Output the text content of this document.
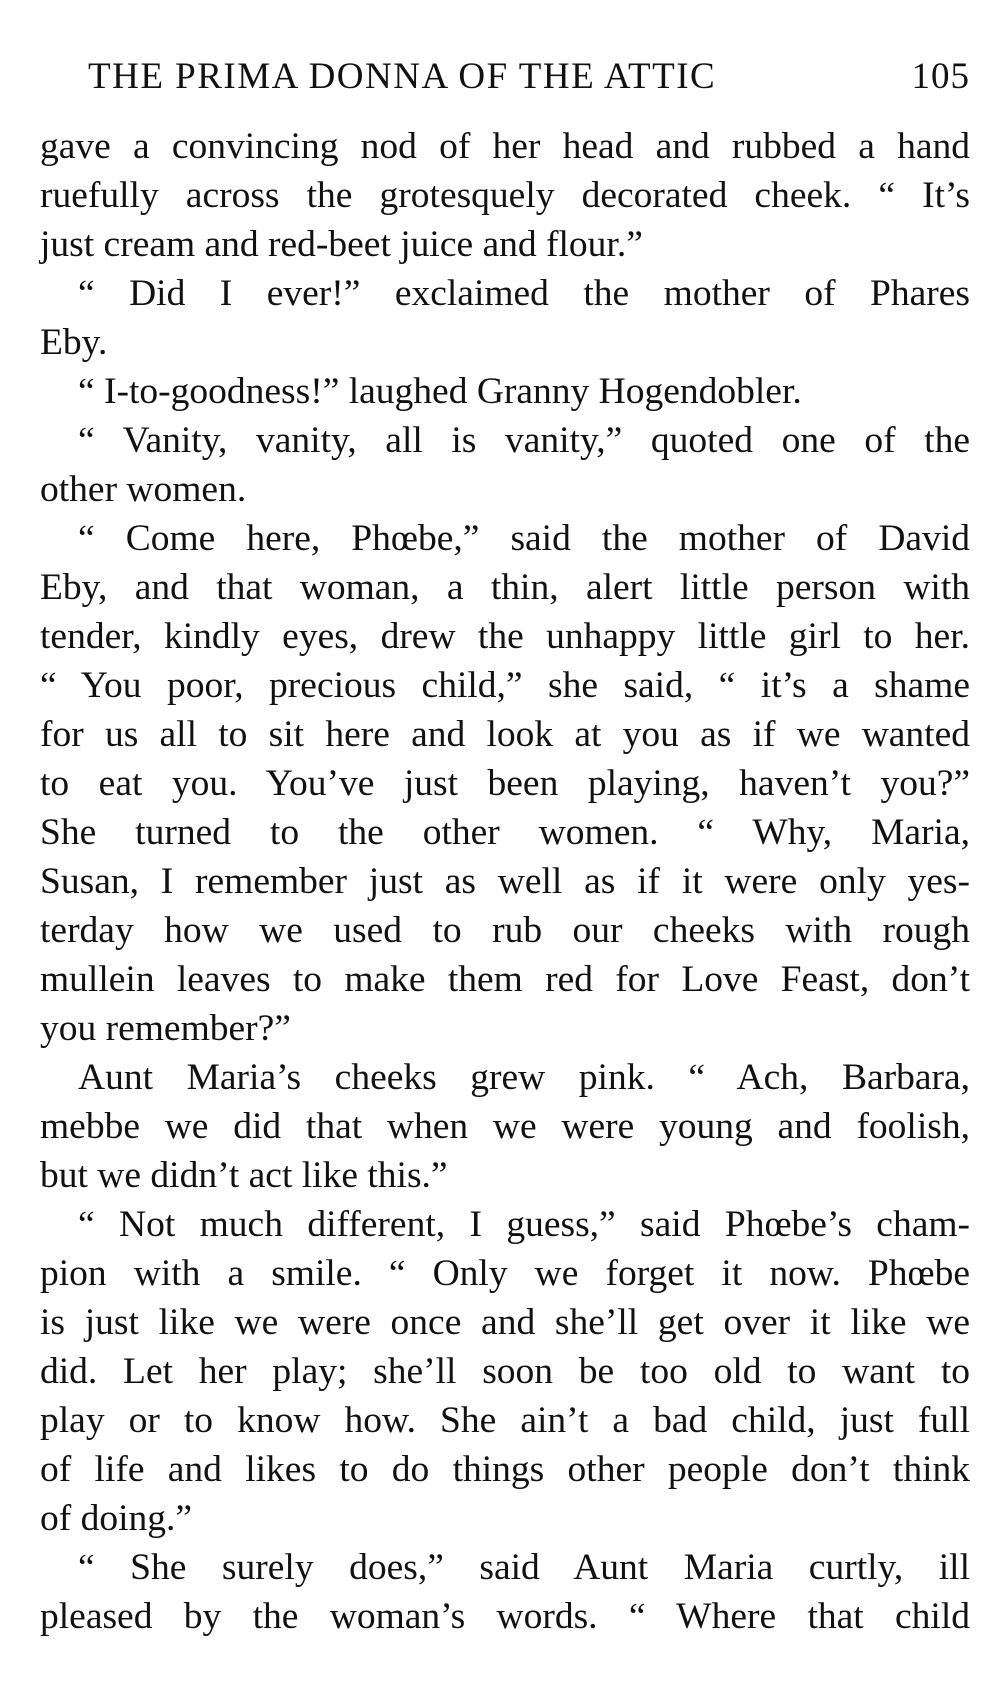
THE PRIMA DONNA OF THE ATTIC	105
gave a convincing nod of her head and rubbed a hand
ruefully across the grotesquely decorated cheek. “ It’s
just cream and red-beet juice and flour.”
“ Did I ever!” exclaimed the mother of Phares
Eby.
“ I-to-goodness!” laughed Granny Hogendobler.
“ Vanity, vanity, all is vanity,” quoted one of the
other women.
“ Come here, Phœbe,” said the mother of David
Eby, and that woman, a thin, alert little person with
tender, kindly eyes, drew the unhappy little girl to her.
“ You poor, precious child,” she said, “ it’s a shame
for us all to sit here and look at you as if we wanted
to eat you. You’ve just been playing, haven’t you?”
She turned to the other women. “ Why, Maria,
Susan, I remember just as well as if it were only yes-
terday how we used to rub our cheeks with rough
mullein leaves to make them red for Love Feast, don’t
you remember?”
Aunt Maria’s cheeks grew pink. “ Ach, Barbara,
mebbe we did that when we were young and foolish,
but we didn’t act like this.”
“ Not much different, I guess,” said Phœbe’s cham-
pion with a smile. “ Only we forget it now. Phœbe
is just like we were once and she’ll get over it like we
did. Let her play; she’ll soon be too old to want to
play or to know how. She ain’t a bad child, just full
of life and likes to do things other people don’t think
of doing.”
“ She surely does,” said Aunt Maria curtly, ill
pleased by the woman’s words. “ Where that child
